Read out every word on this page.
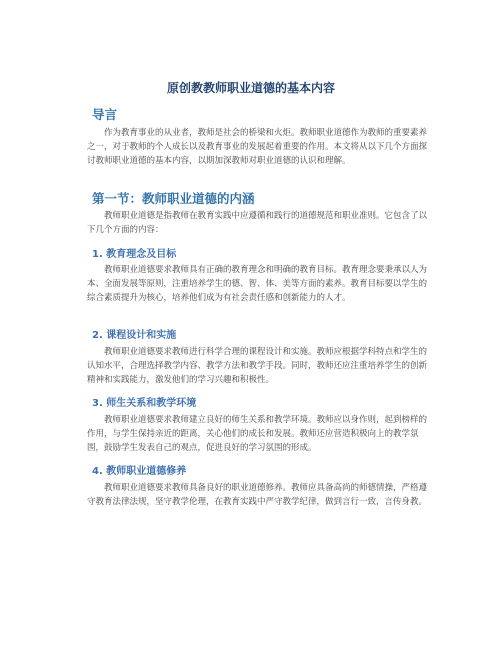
原创教教师职业道德的基本内容
导言

作为教育事业的从业者，教师是社会的桥梁和火炬。教师职业道德作为教师的重要素养之一，对于教师的个人成长以及教育事业的发展起着重要的作用。本文将从以下几个方面探讨教师职业道德的基本内容，以期加深教师对职业道德的认识和理解。

第一节：教师职业道德的内涵

教师职业道德是指教师在教育实践中应遵循和践行的道德规范和职业准则。它包含了以下几个方面的内容：

1. 教育理念及目标

教师职业道德要求教师具有正确的教育理念和明确的教育目标。教育理念要秉承以人为本、全面发展等原则，注重培养学生的德、智、体、美等方面的素养。教育目标要以学生的综合素质提升为核心，培养他们成为有社会责任感和创新能力的人才。

2. 课程设计和实施

教师职业道德要求教师进行科学合理的课程设计和实施。教师应根据学科特点和学生的认知水平，合理选择教学内容、教学方法和教学手段。同时，教师还应注重培养学生的创新精神和实践能力，激发他们的学习兴趣和积极性。

3. 师生关系和教学环境

教师职业道德要求教师建立良好的师生关系和教学环境。教师应以身作则，起到榜样的作用，与学生保持亲近的距离，关心他们的成长和发展。教师还应营造积极向上的教学氛围，鼓励学生发表自己的观点，促进良好的学习氛围的形成。

4. 教师职业道德修养

教师职业道德要求教师具备良好的职业道德修养。教师应具备高尚的师德情操，严格遵守教育法律法规，坚守教学伦理，在教育实践中严守教学纪律，做到言行一致，言传身教。
